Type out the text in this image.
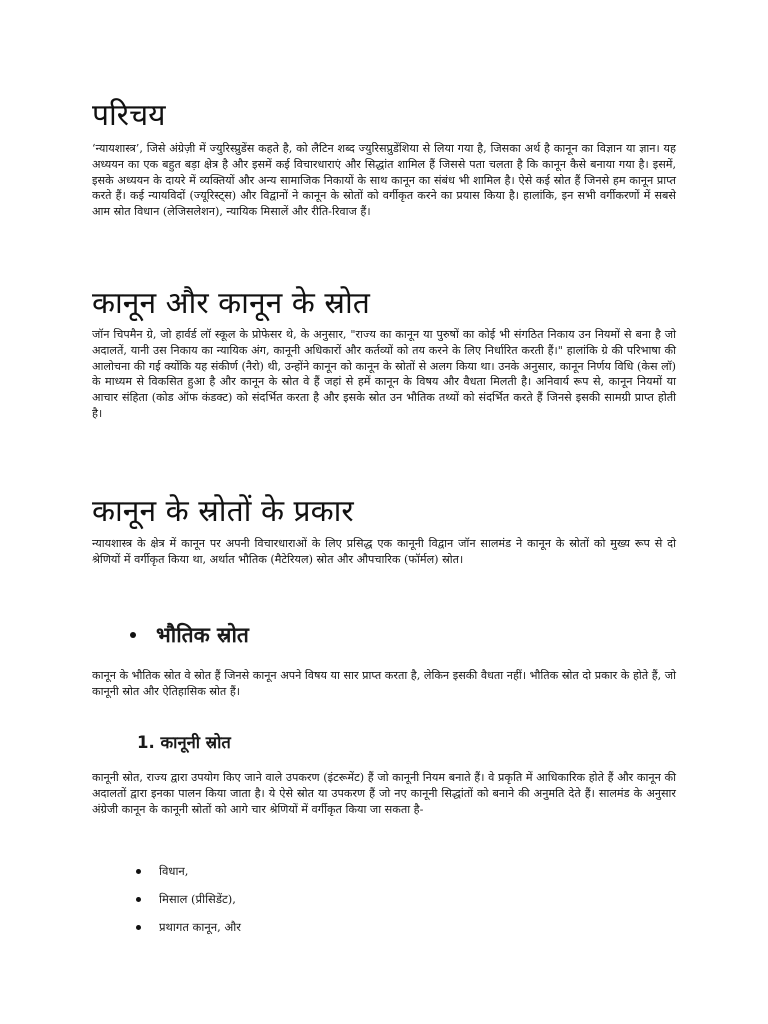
परिचय

‘न्यायशास्त्र’, जिसे अंग्रेज़ी में ज्युरिस्प्रुडेंस कहते है, को लैटिन शब्द ज्युरिसप्रुडेंशिया से लिया गया है, जिसका अर्थ है कानून का विज्ञान या ज्ञान। यह अध्ययन का एक बहुत बड़ा क्षेत्र है और इसमें कई विचारधाराएं और सिद्धांत शामिल हैं जिससे पता चलता है कि कानून कैसे बनाया गया है। इसमें, इसके अध्ययन के दायरे में व्यक्तियों और अन्य सामाजिक निकायों के साथ कानून का संबंध भी शामिल है। ऐसे कई स्रोत हैं जिनसे हम कानून प्राप्त करते हैं। कई न्यायविदों (ज्यूरिस्ट्स) और विद्वानों ने कानून के स्रोतों को वर्गीकृत करने का प्रयास किया है। हालांकि, इन सभी वर्गीकरणों में सबसे आम स्रोत विधान (लेजिसलेशन), न्यायिक मिसालें और रीति-रिवाज हैं।

कानून और कानून के स्रोत

जॉन चिपमैन ग्रे, जो हार्वर्ड लॉ स्कूल के प्रोफेसर थे, के अनुसार, "राज्य का कानून या पुरुषों का कोई भी संगठित निकाय उन नियमों से बना है जो अदालतें, यानी उस निकाय का न्यायिक अंग, कानूनी अधिकारों और कर्तव्यों को तय करने के लिए निर्धारित करती हैं।" हालांकि ग्रे की परिभाषा की आलोचना की गई क्योंकि यह संकीर्ण (नैरो) थी, उन्होंने कानून को कानून के स्रोतों से अलग किया था। उनके अनुसार, कानून निर्णय विधि (केस लॉ) के माध्यम से विकसित हुआ है और कानून के स्रोत वे हैं जहां से हमें कानून के विषय और वैधता मिलती है। अनिवार्य रूप से, कानून नियमों या आचार संहिता (कोड ऑफ कंडक्ट) को संदर्भित करता है और इसके स्रोत उन भौतिक तथ्यों को संदर्भित करते हैं जिनसे इसकी सामग्री प्राप्त होती है।

कानून के स्रोतों के प्रकार

न्यायशास्त्र के क्षेत्र में कानून पर अपनी विचारधाराओं के लिए प्रसिद्ध एक कानूनी विद्वान जॉन सालमंड ने कानून के स्रोतों को मुख्य रूप से दो श्रेणियों में वर्गीकृत किया था, अर्थात भौतिक (मैटेरियल) स्रोत और औपचारिक (फॉर्मल) स्रोत।

भौतिक स्रोत

कानून के भौतिक स्रोत वे स्रोत हैं जिनसे कानून अपने विषय या सार प्राप्त करता है, लेकिन इसकी वैधता नहीं। भौतिक स्रोत दो प्रकार के होते हैं, जो कानूनी स्रोत और ऐतिहासिक स्रोत हैं।

1. कानूनी स्रोत

कानूनी स्रोत, राज्य द्वारा उपयोग किए जाने वाले उपकरण (इंटरूमेंट) हैं जो कानूनी नियम बनाते हैं। वे प्रकृति में आधिकारिक होते हैं और कानून की अदालतों द्वारा इनका पालन किया जाता है। ये ऐसे स्रोत या उपकरण हैं जो नए कानूनी सिद्धांतों को बनाने की अनुमति देते हैं। सालमंड के अनुसार अंग्रेजी कानून के कानूनी स्रोतों को आगे चार श्रेणियों में वर्गीकृत किया जा सकता है-

विधान,
मिसाल (प्रीसिडेंट),
प्रथागत कानून, और
